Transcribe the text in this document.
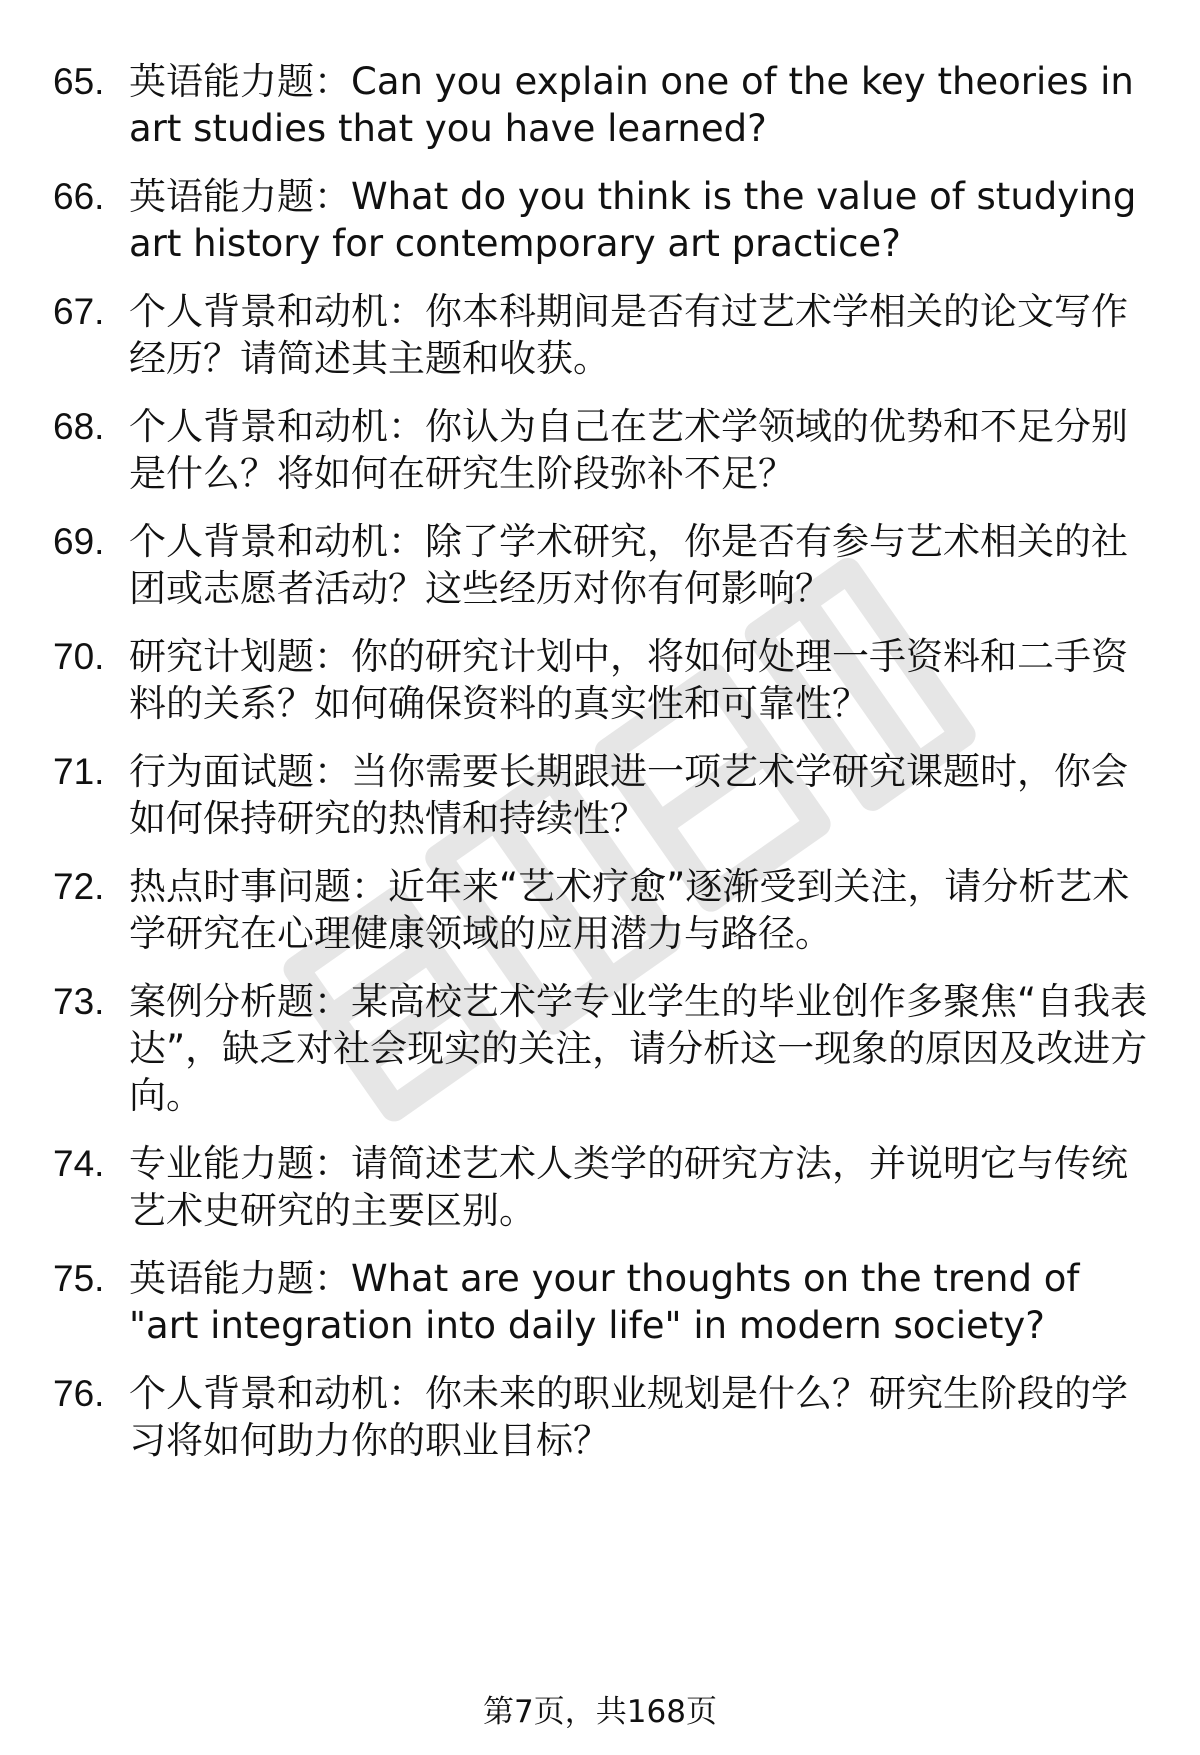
65. 英语能力题：Can you explain one of the key theories in art studies that you have learned?
66. 英语能力题：What do you think is the value of studying art history for contemporary art practice?
67. 个人背景和动机：你本科期间是否有过艺术学相关的论文写作经历？请简述其主题和收获。
68. 个人背景和动机：你认为自己在艺术学领域的优势和不足分别是什么？将如何在研究生阶段弥补不足？
69. 个人背景和动机：除了学术研究，你是否有参与艺术相关的社团或志愿者活动？这些经历对你有何影响？
70. 研究计划题：你的研究计划中，将如何处理一手资料和二手资料的关系？如何确保资料的真实性和可靠性？
71. 行为面试题：当你需要长期跟进一项艺术学研究课题时，你会如何保持研究的热情和持续性？
72. 热点时事问题：近年来“艺术疗愈”逐渐受到关注，请分析艺术学研究在心理健康领域的应用潜力与路径。
73. 案例分析题：某高校艺术学专业学生的毕业创作多聚焦“自我表达”，缺乏对社会现实的关注，请分析这一现象的原因及改进方向。
74. 专业能力题：请简述艺术人类学的研究方法，并说明它与传统艺术史研究的主要区别。
75. 英语能力题：What are your thoughts on the trend of "art integration into daily life" in modern society?
76. 个人背景和动机：你未来的职业规划是什么？研究生阶段的学习将如何助力你的职业目标？
第7页，共168页
